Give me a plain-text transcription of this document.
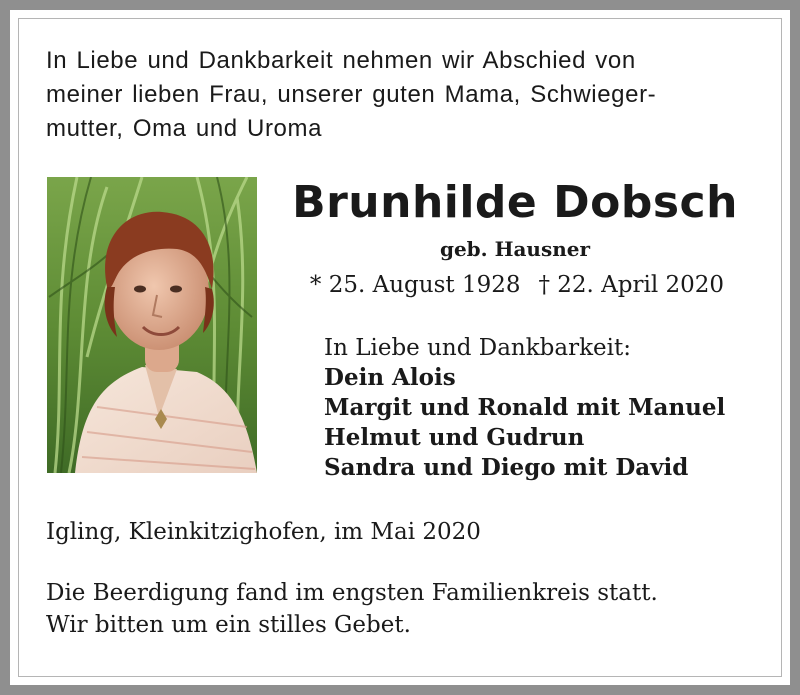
In Liebe und Dankbarkeit nehmen wir Abschied von
meiner lieben Frau, unserer guten Mama, Schwieger-
mutter, Oma und Uroma
Brunhilde Dobsch
geb. Hausner
* 25. August 1928 † 22. April 2020
In Liebe und Dankbarkeit:
Dein Alois
Margit und Ronald mit Manuel
Helmut und Gudrun
Sandra und Diego mit David
Igling, Kleinkitzighofen, im Mai 2020
Die Beerdigung fand im engsten Familienkreis statt.
Wir bitten um ein stilles Gebet.
